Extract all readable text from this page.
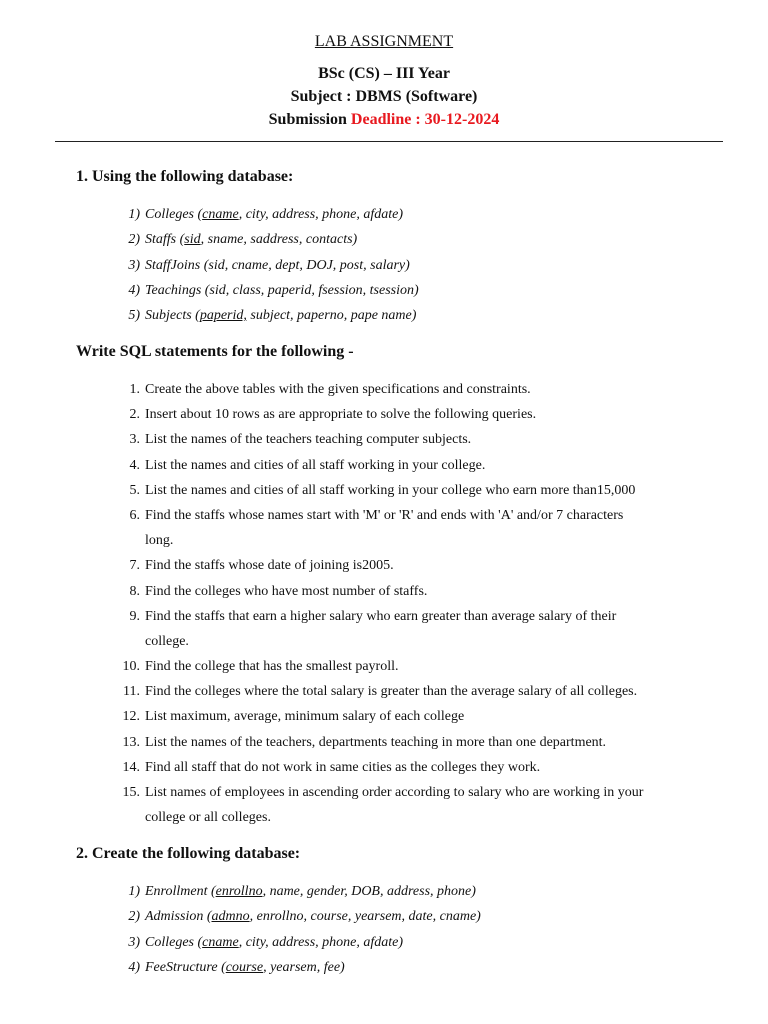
LAB ASSIGNMENT
BSc (CS) – III Year
Subject : DBMS (Software)
Submission Deadline : 30-12-2024
1. Using the following database:
1) Colleges (cname, city, address, phone, afdate)
2) Staffs (sid, sname, saddress, contacts)
3) StaffJoins (sid, cname, dept, DOJ, post, salary)
4) Teachings (sid, class, paperid, fsession, tsession)
5) Subjects (paperid, subject, paperno, pape name)
Write SQL statements for the following -
1. Create the above tables with the given specifications and constraints.
2. Insert about 10 rows as are appropriate to solve the following queries.
3. List the names of the teachers teaching computer subjects.
4. List the names and cities of all staff working in your college.
5. List the names and cities of all staff working in your college who earn more than15,000
6. Find the staffs whose names start with 'M' or 'R' and ends with 'A' and/or 7 characters
long.
7. Find the staffs whose date of joining is2005.
8. Find the colleges who have most number of staffs.
9. Find the staffs that earn a higher salary who earn greater than average salary of their
college.
10. Find the college that has the smallest payroll.
11. Find the colleges where the total salary is greater than the average salary of all colleges.
12. List maximum, average, minimum salary of each college
13. List the names of the teachers, departments teaching in more than one department.
14. Find all staff that do not work in same cities as the colleges they work.
15. List names of employees in ascending order according to salary who are working in your
college or all colleges.
2. Create the following database:
1) Enrollment (enrollno, name, gender, DOB, address, phone)
2) Admission (admno, enrollno, course, yearsem, date, cname)
3) Colleges (cname, city, address, phone, afdate)
4) FeeStructure (course, yearsem, fee)
